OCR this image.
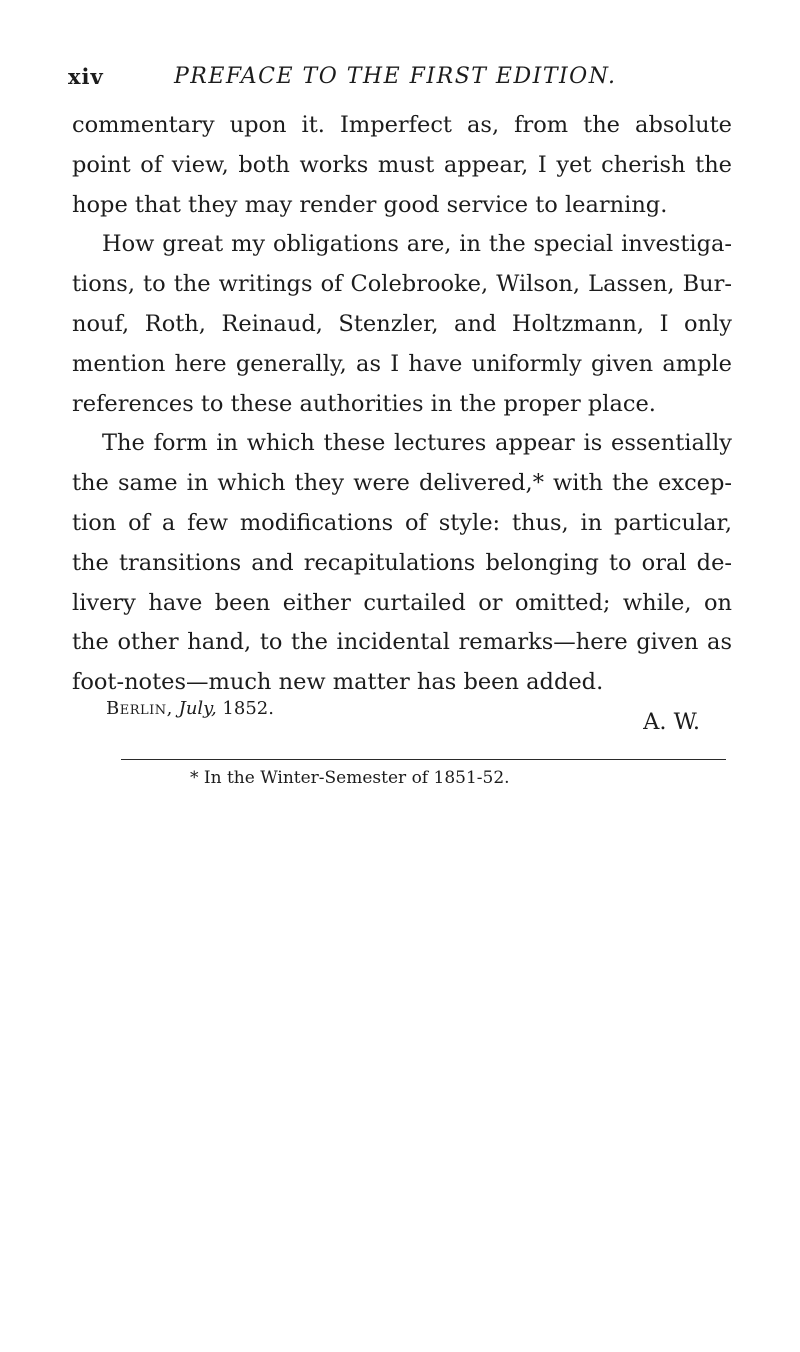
xiv	PREFACE TO THE FIRST EDITION.
commentary upon it. Imperfect as, from the absolute
point of view, both works must appear, I yet cherish the
hope that they may render good service to learning.
How great my obligations are, in the special investiga-
tions, to the writings of Colebrooke, Wilson, Lassen, Bur-
nouf, Roth, Reinaud, Stenzler, and Holtzmann, I only
mention here generally, as I have uniformly given ample
references to these authorities in the proper place.
The form in which these lectures appear is essentially
the same in which they were delivered,* with the excep-
tion of a few modifications of style: thus, in particular,
the transitions and recapitulations belonging to oral de-
livery have been either curtailed or omitted; while, on
the other hand, to the incidental remarks—here given as
foot-notes—much new matter has been added.
A. W.
Berlin, July, 1852.
* In the Winter-Semester of 1851-52.
